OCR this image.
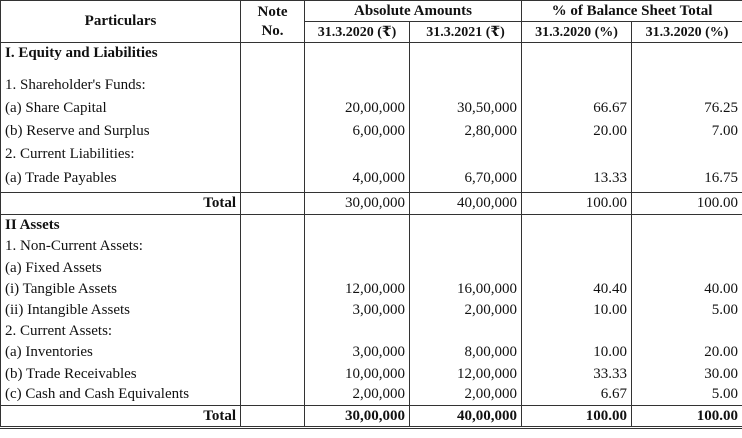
Particulars	Note No.	Absolute Amounts		% of Balance Sheet Total	
		31.3.2020 (₹)	31.3.2021 (₹)	31.3.2020 (%)	31.3.2020 (%)
I. Equity and Liabilities					

1. Shareholder's Funds:					
(a) Share Capital		20,00,000	30,50,000	66.67	76.25
(b) Reserve and Surplus		6,00,000	2,80,000	20.00	7.00
2. Current Liabilities:					
(a) Trade Payables		4,00,000	6,70,000	13.33	16.75
Total		30,00,000	40,00,000	100.00	100.00
II Assets					
1. Non-Current Assets:					
(a) Fixed Assets					
(i) Tangible Assets		12,00,000	16,00,000	40.40	40.00
(ii) Intangible Assets		3,00,000	2,00,000	10.00	5.00
2. Current Assets:					
(a) Inventories		3,00,000	8,00,000	10.00	20.00
(b) Trade Receivables		10,00,000	12,00,000	33.33	30.00
(c) Cash and Cash Equivalents		2,00,000	2,00,000	6.67	5.00
Total		30,00,000	40,00,000	100.00	100.00
